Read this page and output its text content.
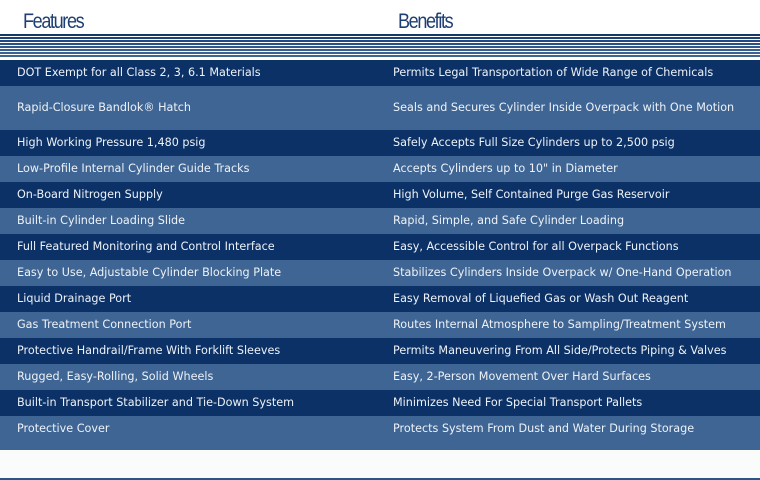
Features	Benefits
DOT Exempt for all Class 2, 3, 6.1 Materials	Permits Legal Transportation of Wide Range of Chemicals
Rapid-Closure Bandlok® Hatch	Seals and Secures Cylinder Inside Overpack with One Motion
High Working Pressure 1,480 psig	Safely Accepts Full Size Cylinders up to 2,500 psig
Low-Profile Internal Cylinder Guide Tracks	Accepts Cylinders up to 10" in Diameter
On-Board Nitrogen Supply	High Volume, Self Contained Purge Gas Reservoir
Built-in Cylinder Loading Slide	Rapid, Simple, and Safe Cylinder Loading
Full Featured Monitoring and Control Interface	Easy, Accessible Control for all Overpack Functions
Easy to Use, Adjustable Cylinder Blocking Plate	Stabilizes Cylinders Inside Overpack w/ One-Hand Operation
Liquid Drainage Port	Easy Removal of Liquefied Gas or Wash Out Reagent
Gas Treatment Connection Port	Routes Internal Atmosphere to Sampling/Treatment System
Protective Handrail/Frame With Forklift Sleeves	Permits Maneuvering From All Side/Protects Piping & Valves
Rugged, Easy-Rolling, Solid Wheels	Easy, 2-Person Movement Over Hard Surfaces
Built-in Transport Stabilizer and Tie-Down System	Minimizes Need For Special Transport Pallets
Protective Cover	Protects System From Dust and Water During Storage
